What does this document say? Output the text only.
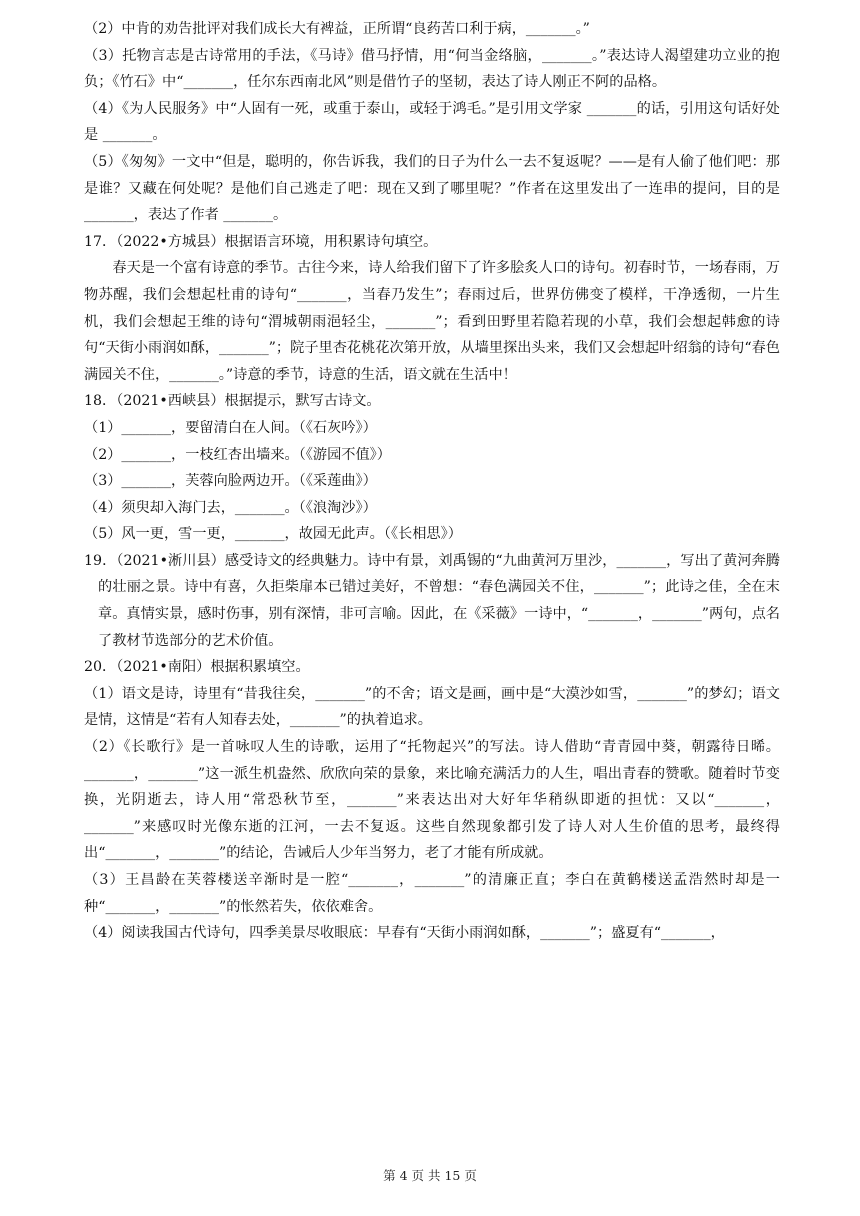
（2）中肯的劝告批评对我们成长大有裨益，正所谓“良药苦口利于病，_______。”

（3）托物言志是古诗常用的手法，《马诗》借马抒情，用“何当金络脑，_______。”表达诗人渴望建功立业的抱负；《竹石》中“_______，任尔东西南北风”则是借竹子的坚韧，表达了诗人刚正不阿的品格。

（4）《为人民服务》中“人固有一死，或重于泰山，或轻于鸿毛。”是引用文学家 _______的话，引用这句话好处是 _______。

（5）《匆匆》一文中“但是，聪明的，你告诉我，我们的日子为什么一去不复返呢？——是有人偷了他们吧：那是谁？又藏在何处呢？是他们自己逃走了吧：现在又到了哪里呢？”作者在这里发出了一连串的提问，目的是 _______，表达了作者 _______。

17．（2022•方城县）根据语言环境，用积累诗句填空。

春天是一个富有诗意的季节。古往今来，诗人给我们留下了许多脍炙人口的诗句。初春时节，一场春雨，万物苏醒，我们会想起杜甫的诗句“_______，当春乃发生”；春雨过后，世界仿佛变了模样，干净透彻，一片生机，我们会想起王维的诗句“渭城朝雨浥轻尘，_______”；看到田野里若隐若现的小草，我们会想起韩愈的诗句“天街小雨润如酥，_______”；院子里杏花桃花次第开放，从墙里探出头来，我们又会想起叶绍翁的诗句“春色满园关不住，_______。”诗意的季节，诗意的生活，语文就在生活中！

18．（2021•西峡县）根据提示，默写古诗文。

（1）_______，要留清白在人间。（《石灰吟》）

（2）_______，一枝红杏出墙来。（《游园不值》）

（3）_______，芙蓉向脸两边开。（《采莲曲》）

（4）须臾却入海门去，_______。（《浪淘沙》）

（5）风一更，雪一更，_______，故园无此声。（《长相思》）

19．（2021•淅川县）感受诗文的经典魅力。诗中有景，刘禹锡的“九曲黄河万里沙，_______，写出了黄河奔腾的壮丽之景。诗中有喜，久拒柴扉本已错过美好，不曾想：“春色满园关不住，_______”；此诗之佳，全在末章。真情实景，感时伤事，别有深情，非可言喻。因此，在《采薇》一诗中，“_______，_______”两句，点名了教材节选部分的艺术价值。

20．（2021•南阳）根据积累填空。

（1）语文是诗，诗里有“昔我往矣，_______”的不舍；语文是画，画中是“大漠沙如雪，_______”的梦幻；语文是情，这情是“若有人知春去处，_______”的执着追求。

（2）《长歌行》是一首咏叹人生的诗歌，运用了“托物起兴”的写法。诗人借助“青青园中葵，朝露待日晞。_______，_______”这一派生机盎然、欣欣向荣的景象，来比喻充满活力的人生，唱出青春的赞歌。随着时节变换，光阴逝去，诗人用“常恐秋节至，_______”来表达出对大好年华稍纵即逝的担忧：又以“_______，_______”来感叹时光像东逝的江河，一去不复返。这些自然现象都引发了诗人对人生价值的思考，最终得出“_______，_______”的结论，告诫后人少年当努力，老了才能有所成就。

（3）王昌龄在芙蓉楼送辛渐时是一腔“_______，_______”的清廉正直；李白在黄鹤楼送孟浩然时却是一种“_______，_______”的怅然若失，依依难舍。

（4）阅读我国古代诗句，四季美景尽收眼底：早春有“天街小雨润如酥，_______”；盛夏有“_______，

第 4 页 共 15 页
